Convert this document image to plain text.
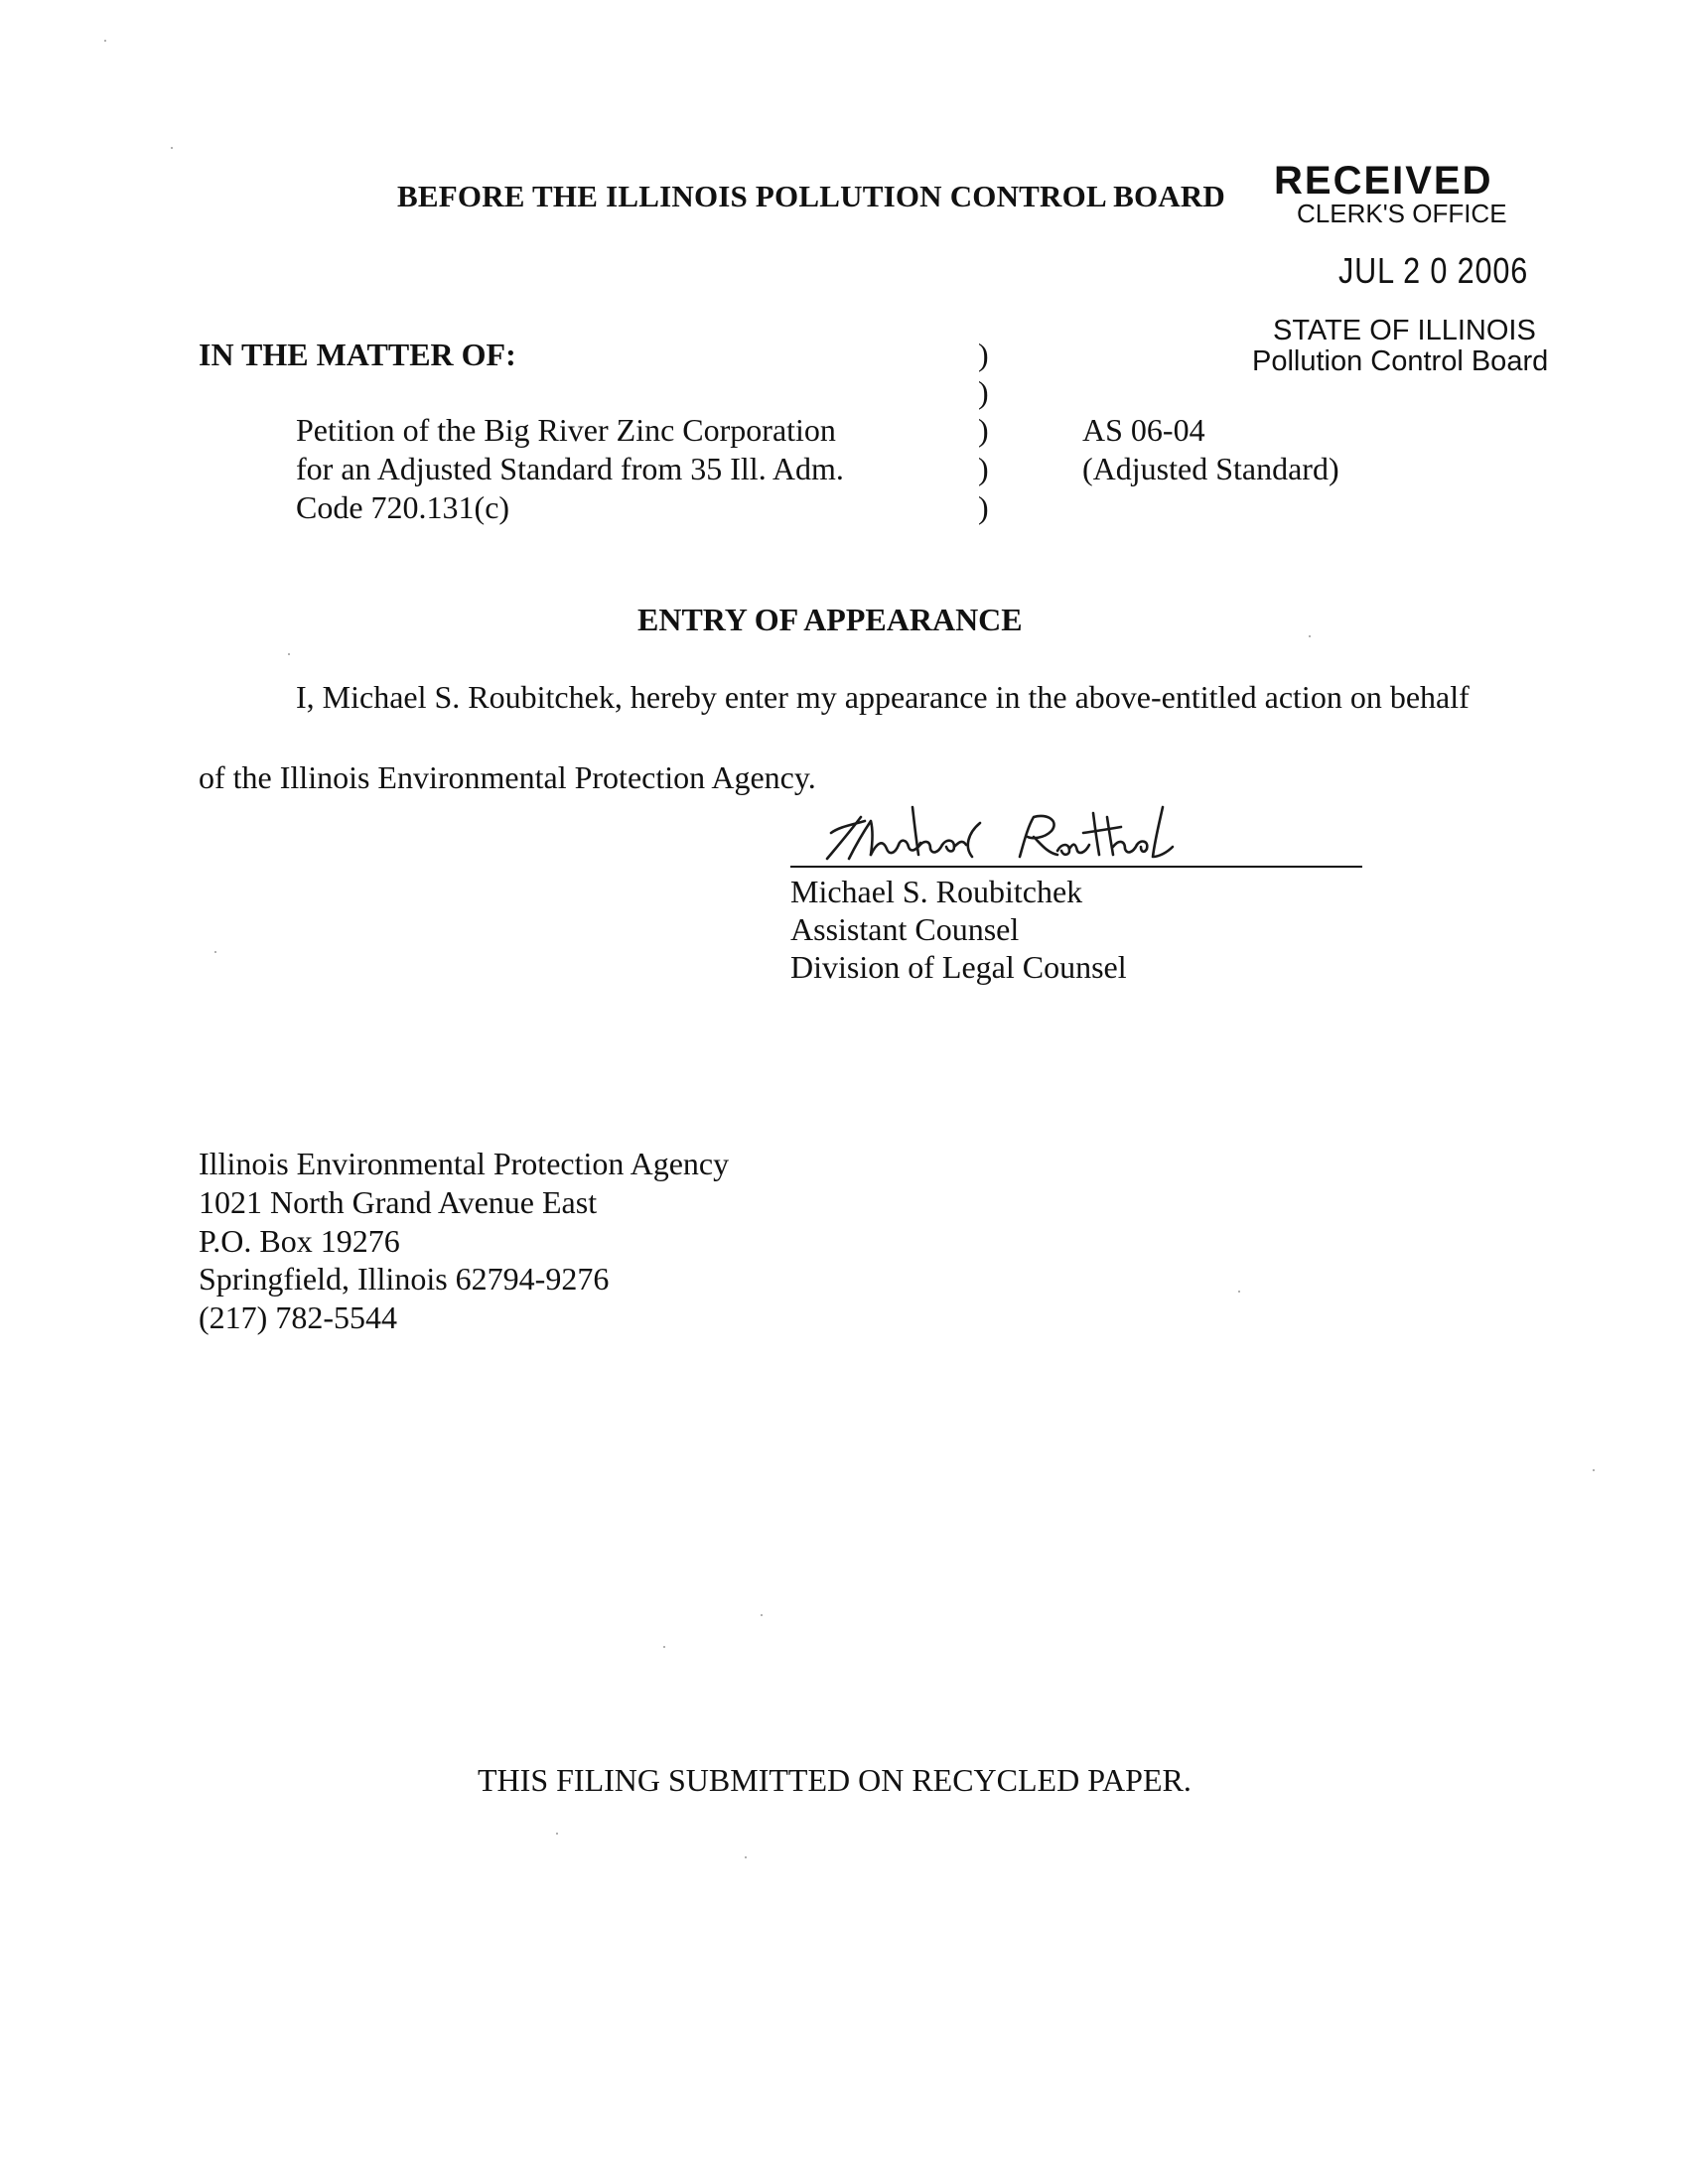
BEFORE THE ILLINOIS POLLUTION CONTROL BOARD RECEIVED
CLERK'S OFFICE
JUL 2 0 2006
STATE OF ILLINOIS
Pollution Control Board
IN THE MATTER OF:
Petition of the Big River Zinc Corporation
for an Adjusted Standard from 35 Ill. Adm.
Code 720.131(c)
)
)
)
)
)
AS 06-04
(Adjusted Standard)
ENTRY OF APPEARANCE
I, Michael S. Roubitchek, hereby enter my appearance in the above-entitled action on behalf
of the Illinois Environmental Protection Agency.
Michael S. Roubitchek
Assistant Counsel
Division of Legal Counsel
Illinois Environmental Protection Agency
1021 North Grand Avenue East
P.O. Box 19276
Springfield, Illinois 62794-9276
(217) 782-5544
THIS FILING SUBMITTED ON RECYCLED PAPER.
